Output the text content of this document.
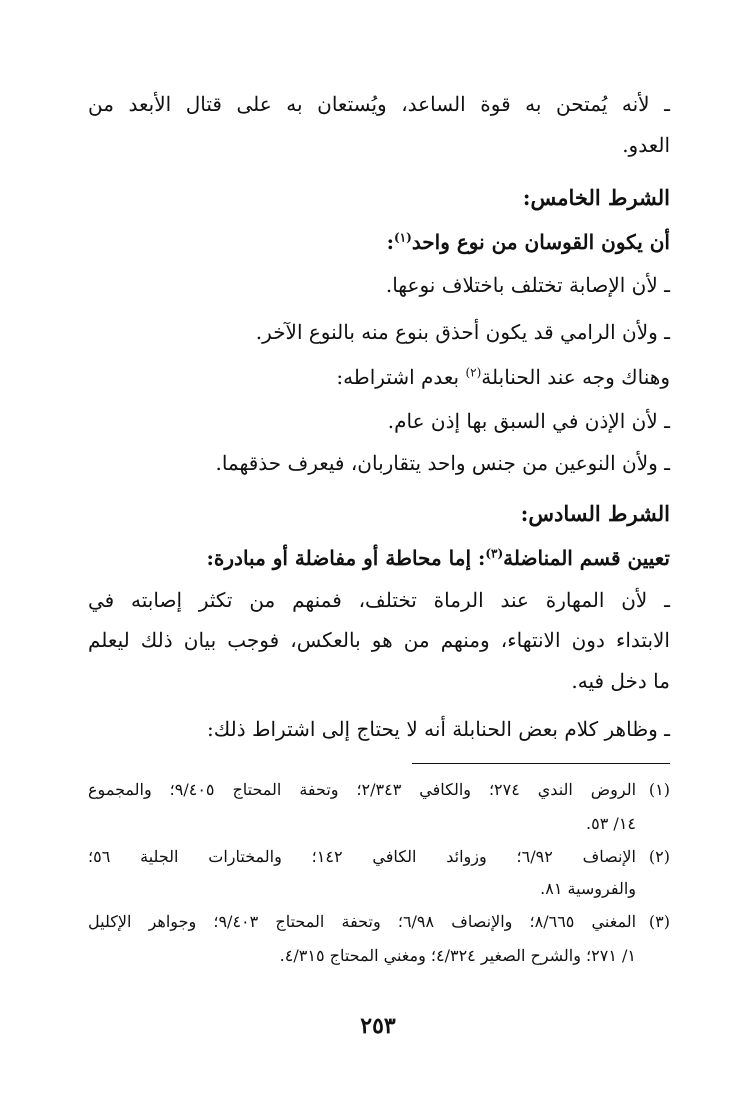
ـ لأنه يُمتحن به قوة الساعد، ويُستعان به على قتال الأبعد من
العدو.
الشرط الخامس:
أن يكون القوسان من نوع واحد$^{(١)}$:
ـ لأن الإصابة تختلف باختلاف نوعها.
ـ ولأن الرامي قد يكون أحذق بنوع منه بالنوع الآخر.
وهناك وجه عند الحنابلة$^{(٢)}$ بعدم اشتراطه:
ـ لأن الإذن في السبق بها إذن عام.
ـ ولأن النوعين من جنس واحد يتقاربان، فيعرف حذقهما.
الشرط السادس:
تعيين قسم المناضلة$^{(٣)}$: إما محاطة أو مفاضلة أو مبادرة:
ـ لأن المهارة عند الرماة تختلف، فمنهم من تكثر إصابته في
الابتداء دون الانتهاء، ومنهم من هو بالعكس، فوجب بيان ذلك ليعلم
ما دخل فيه.
ـ وظاهر كلام بعض الحنابلة أنه لا يحتاج إلى اشتراط ذلك:
(١)
الروض الندي ٢٧٤؛ والكافي ٢/٣٤٣؛ وتحفة المحتاج ٩/٤٠٥؛ والمجموع
١٤/ ٥٣.
(٢)
الإنصاف ٦/٩٢؛ وزوائد الكافي ١٤٢؛ والمختارات الجلية ٥٦؛
والفروسية ٨١.
(٣)
المغني ٨/٦٦٥؛ والإنصاف ٦/٩٨؛ وتحفة المحتاج ٩/٤٠٣؛ وجواهر الإكليل
١/ ٢٧١؛ والشرح الصغير ٤/٣٢٤؛ ومغني المحتاج ٤/٣١٥.
٢٥٣
